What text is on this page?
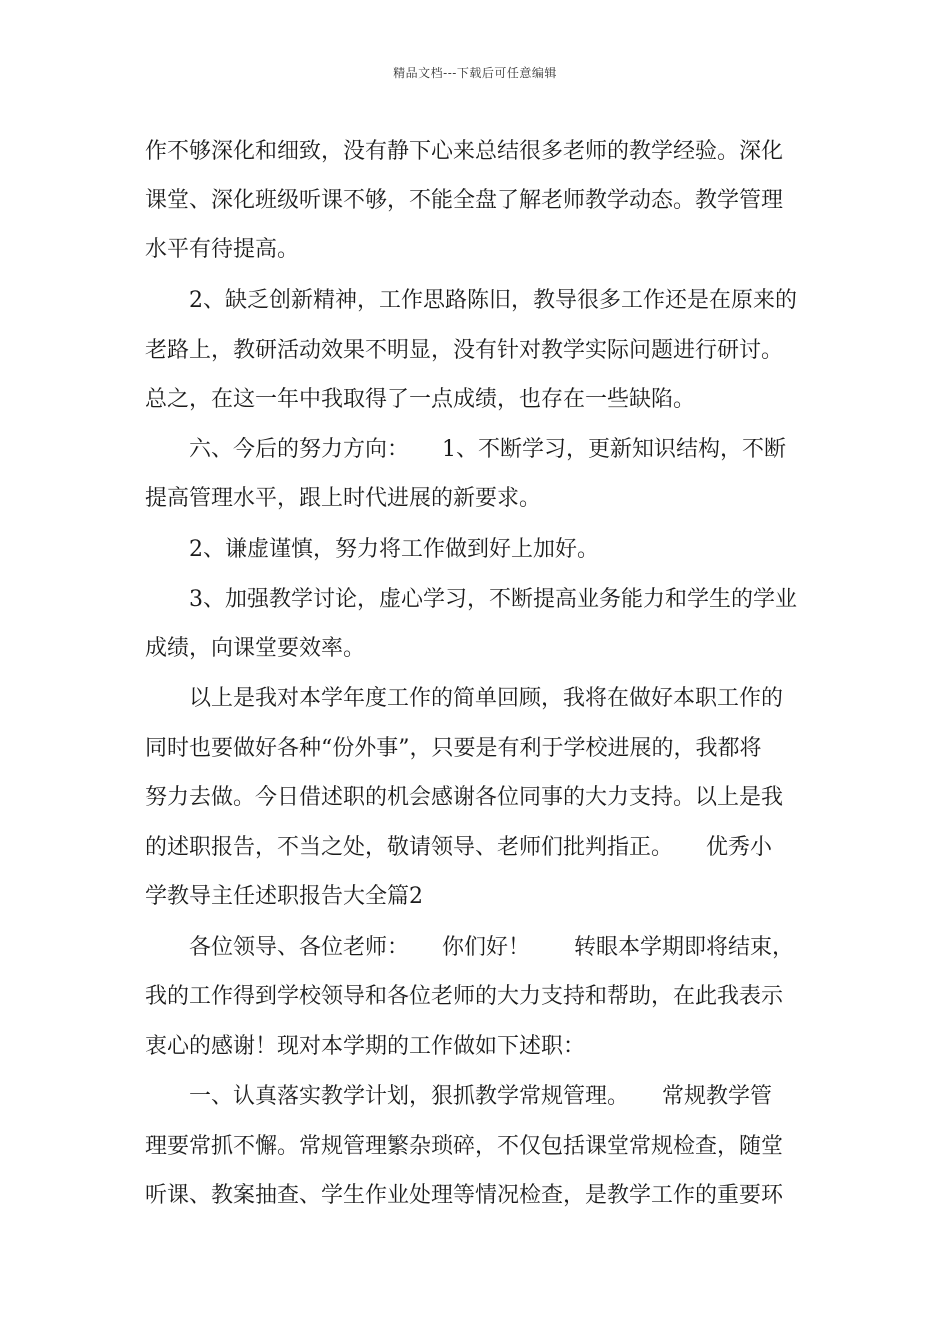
精品文档---下载后可任意编辑
作不够深化和细致，没有静下心来总结很多老师的教学经验。深化
课堂、深化班级听课不够，不能全盘了解老师教学动态。教学管理
水平有待提高。
2、缺乏创新精神，工作思路陈旧，教导很多工作还是在原来的
老路上，教研活动效果不明显，没有针对教学实际问题进行研讨。
总之，在这一年中我取得了一点成绩，也存在一些缺陷。
六、今后的努力方向：　　1、不断学习，更新知识结构，不断
提高管理水平，跟上时代进展的新要求。
2、谦虚谨慎，努力将工作做到好上加好。
3、加强教学讨论，虚心学习，不断提高业务能力和学生的学业
成绩，向课堂要效率。
以上是我对本学年度工作的简单回顾，我将在做好本职工作的
同时也要做好各种“份外事”，只要是有利于学校进展的，我都将
努力去做。今日借述职的机会感谢各位同事的大力支持。以上是我
的述职报告，不当之处，敬请领导、老师们批判指正。　　优秀小
学教导主任述职报告大全篇2
各位领导、各位老师：　　你们好！　　转眼本学期即将结束，
我的工作得到学校领导和各位老师的大力支持和帮助，在此我表示
衷心的感谢！现对本学期的工作做如下述职：
一、认真落实教学计划，狠抓教学常规管理。　　常规教学管
理要常抓不懈。常规管理繁杂琐碎，不仅包括课堂常规检查，随堂
听课、教案抽查、学生作业处理等情况检查，是教学工作的重要环
